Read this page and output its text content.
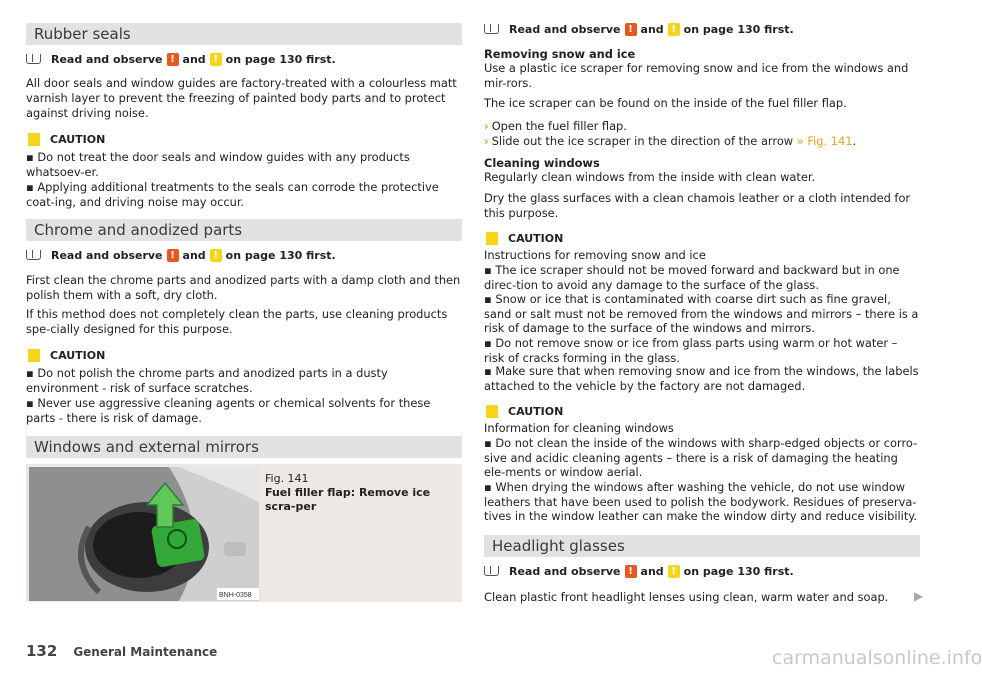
Rubber seals
Read and observe ! and ! on page 130 first.

All door seals and window guides are factory-treated with a colourless matt varnish layer to prevent the freezing of painted body parts and to protect against driving noise.

CAUTION

▪ Do not treat the door seals and window guides with any products whatsoev-er.

▪ Applying additional treatments to the seals can corrode the protective coat-ing, and driving noise may occur.

Chrome and anodized parts
Read and observe ! and ! on page 130 first.

First clean the chrome parts and anodized parts with a damp cloth and then polish them with a soft, dry cloth.

If this method does not completely clean the parts, use cleaning products spe-cially designed for this purpose.

CAUTION

▪ Do not polish the chrome parts and anodized parts in a dusty environment - risk of surface scratches.

▪ Never use aggressive cleaning agents or chemical solvents for these parts - there is risk of damage.

Windows and external mirrors
BNH-0358
Fig. 141
Fuel filler flap: Remove ice scra-per
Read and observe ! and ! on page 130 first.

Removing snow and ice

Use a plastic ice scraper for removing snow and ice from the windows and mir-rors.

The ice scraper can be found on the inside of the fuel filler flap.

› Open the fuel filler flap.

› Slide out the ice scraper in the direction of the arrow » Fig. 141.

Cleaning windows

Regularly clean windows from the inside with clean water.

Dry the glass surfaces with a clean chamois leather or a cloth intended for this purpose.

CAUTION

Instructions for removing snow and ice

▪ The ice scraper should not be moved forward and backward but in one direc-tion to avoid any damage to the surface of the glass.

▪ Snow or ice that is contaminated with coarse dirt such as fine gravel, sand or salt must not be removed from the windows and mirrors – there is a risk of damage to the surface of the windows and mirrors.

▪ Do not remove snow or ice from glass parts using warm or hot water – risk of cracks forming in the glass.

▪ Make sure that when removing snow and ice from the windows, the labels attached to the vehicle by the factory are not damaged.

CAUTION

Information for cleaning windows

▪ Do not clean the inside of the windows with sharp-edged objects or corro-sive and acidic cleaning agents – there is a risk of damaging the heating ele-ments or window aerial.

▪ When drying the windows after washing the vehicle, do not use window leathers that have been used to polish the bodywork. Residues of preserva-tives in the window leather can make the window dirty and reduce visibility.

Headlight glasses
Read and observe ! and ! on page 130 first.

Clean plastic front headlight lenses using clean, warm water and soap.	▶
132 General Maintenance	carmanualsonline.info
